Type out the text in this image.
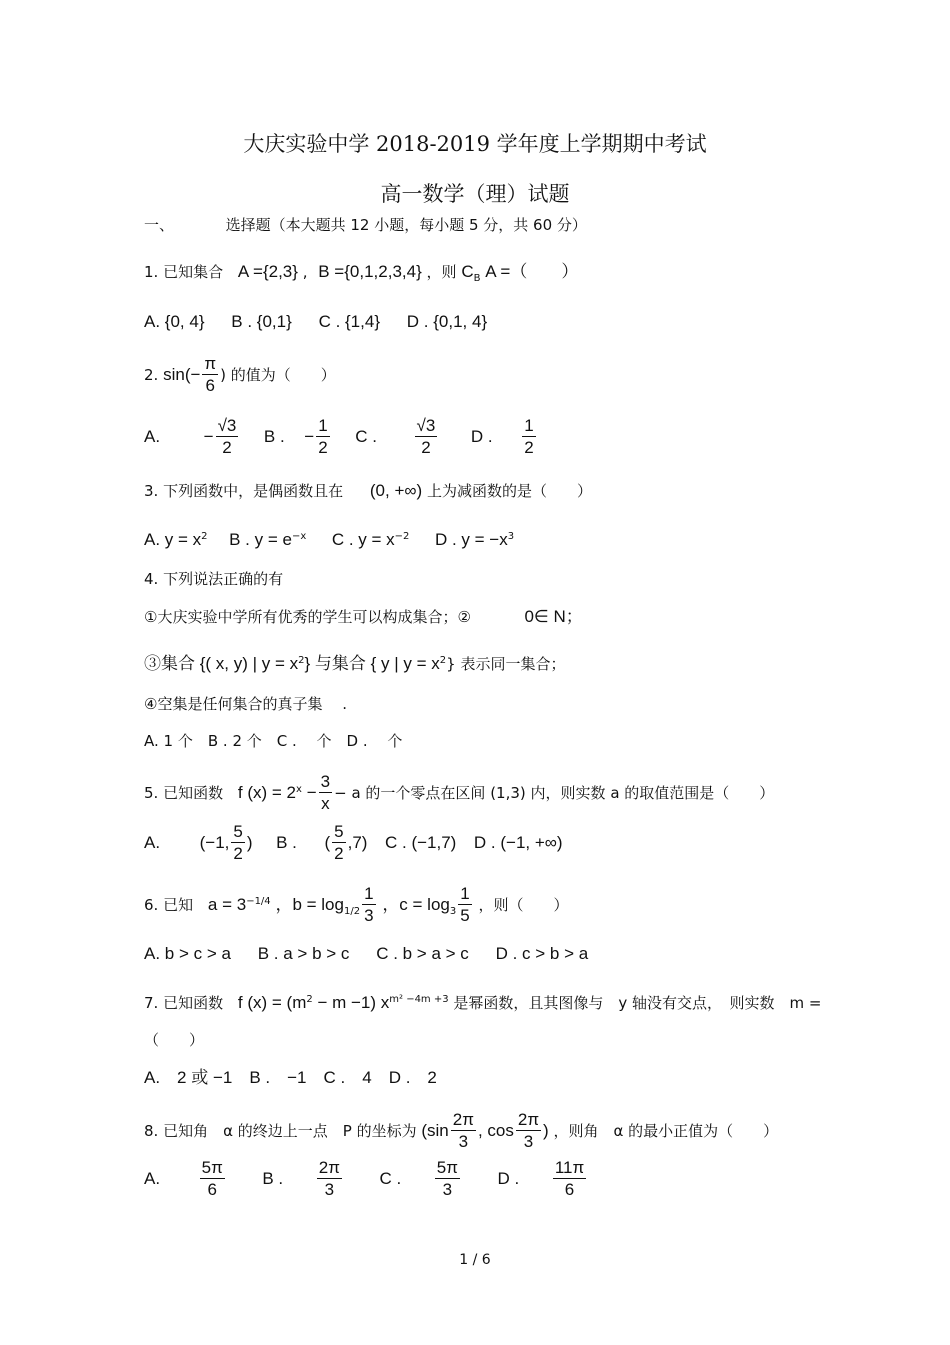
大庆实验中学 2018-2019 学年度上学期期中考试
高一数学（理）试题
一、	选择题（本大题共 12 小题，每小题 5 分，共 60 分）
1. 已知集合 A ={2,3} , B ={0,1,2,3,4} ，则 $C_B$ A =（　　）
A. {0, 4} B . {0,1} C . {1,4} D . {0,1, 4}
2. $\sin(- \frac{\pi}{6}$ ) 的值为（　　）
A.	− $\frac{√3}{2}$ B . − $\frac{1}{2}$ C . $\frac{√3}{2}$ D . $\frac{1}{2}$
3. 下列函数中，是偶函数且在 (0, +∞) 上为减函数的是（　　）
A. $y = x^2$ B . $y = e^{-x}$ C . $y = x^{-2}$ D . $y = -x^3$
4. 下列说法正确的有
①大庆实验中学所有优秀的学生可以构成集合；②	0∈ N；
③集合 {( x, y) | $y = x^2$} 与集合 { y | $y = x^2$} 表示同一集合；
④空集是任何集合的真子集　 .
A. 1 个　B . 2 个　C .　 个　D .　 个
5. 已知函数 f $(x) = 2^x - \frac{3}{x} - a$ 的一个零点在区间 (1,3) 内，则实数 a 的取值范围是（　　）
A. (−1, $\frac{5}{2}$ ) B . ( $\frac{5}{2} ,7$) C . (−1,7) D . (−1, +∞)
6. 已知 $a = 3^{-1/4}$ ，$b = \log_{1/2} \frac{1}{3}$ ，$c = \log_3 \frac{1}{5}$ ，则（　　）
A. b > c > a B . a > b > c C . b > a > c D . c > b > a
7. 已知函数 f $(x) = (m^2 - m -1)$ $x^{m^2 -4m +3}$ 是幂函数，且其图像与　y 轴没有交点，　则实数　m =
（　　）
A.　2 或 −1　B .　−1　C .　4　D .　2
8. 已知角　α 的终边上一点　P 的坐标为 ($\sin \frac{2\pi}{3}$ , $\cos \frac{2\pi}{3}$ ) ，则角　α 的最小正值为（　　）
A. $\frac{5\pi}{6}$ B . $\frac{2\pi}{3}$ C . $\frac{5\pi}{3}$ D . $\frac{11\pi}{6}$
1 / 6
